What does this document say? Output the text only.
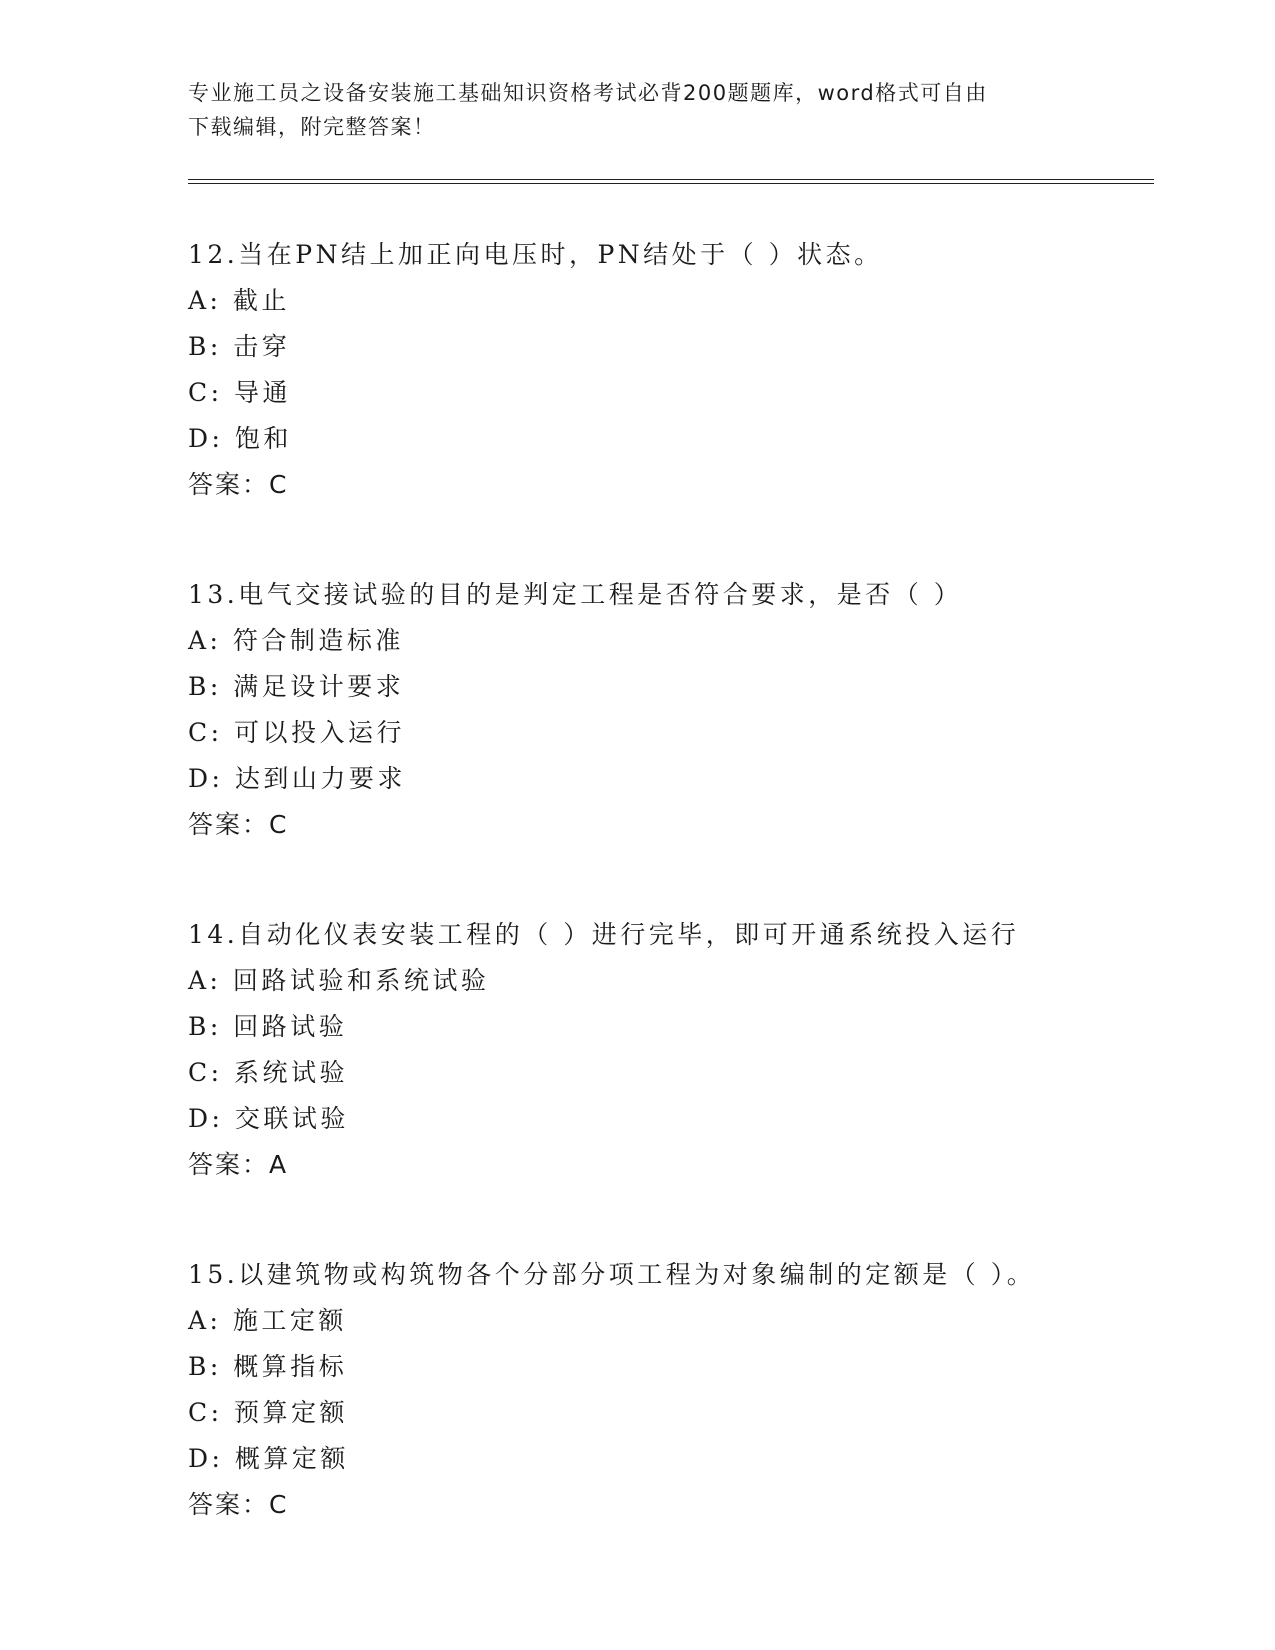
专业施工员之设备安装施工基础知识资格考试必背200题题库，word格式可自由
下载编辑，附完整答案！
12.当在PN结上加正向电压时，PN结处于（ ）状态。
A: 截止
B: 击穿
C: 导通
D: 饱和
答案：C
13.电气交接试验的目的是判定工程是否符合要求，是否（ ）
A: 符合制造标准
B: 满足设计要求
C: 可以投入运行
D: 达到山力要求
答案：C
14.自动化仪表安装工程的（ ）进行完毕，即可开通系统投入运行
A: 回路试验和系统试验
B: 回路试验
C: 系统试验
D: 交联试验
答案：A
15.以建筑物或构筑物各个分部分项工程为对象编制的定额是（ ）。
A: 施工定额
B: 概算指标
C: 预算定额
D: 概算定额
答案：C
